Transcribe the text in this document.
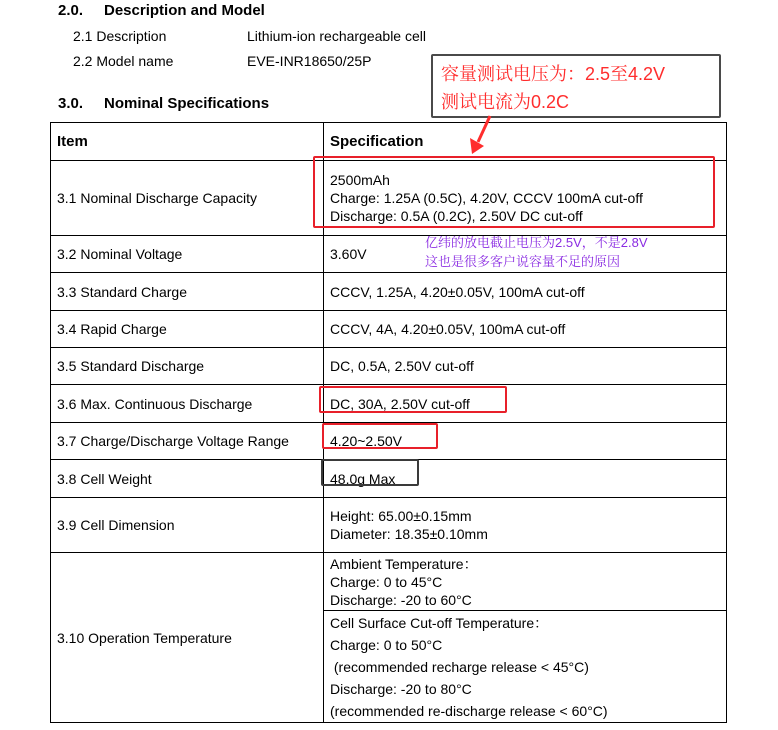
2.0. Description and Model
2.1 Description	Lithium-ion rechargeable cell
2.2 Model name	EVE-INR18650/25P
3.0. Nominal Specifications
Item	Specification
3.1 Nominal Discharge Capacity	2500mAh
Charge: 1.25A (0.5C), 4.20V, CCCV 100mA cut-off
Discharge: 0.5A (0.2C), 2.50V DC cut-off

3.2 Nominal Voltage	3.60V
3.3 Standard Charge	CCCV, 1.25A, 4.20±0.05V, 100mA cut-off
3.4 Rapid Charge	CCCV, 4A, 4.20±0.05V, 100mA cut-off
3.5 Standard Discharge	DC, 0.5A, 2.50V cut-off
3.6 Max. Continuous Discharge	DC, 30A, 2.50V cut-off
3.7 Charge/Discharge Voltage Range	4.20~2.50V
3.8 Cell Weight	48.0g Max
3.9 Cell Dimension	Height: 65.00±0.15mm
Diameter: 18.35±0.10mm

3.10 Operation Temperature	Ambient Temperature：
Charge: 0 to 45°C
Discharge: -20 to 60°C

	Cell Surface Cut-off Temperature：
Charge: 0 to 50°C
(recommended recharge release < 45°C)
Discharge: -20 to 80°C
(recommended re-discharge release < 60°C)
容量测试电压为：2.5至4.2V
测试电流为0.2C
亿纬的放电截止电压为2.5V，不是2.8V
这也是很多客户说容量不足的原因
